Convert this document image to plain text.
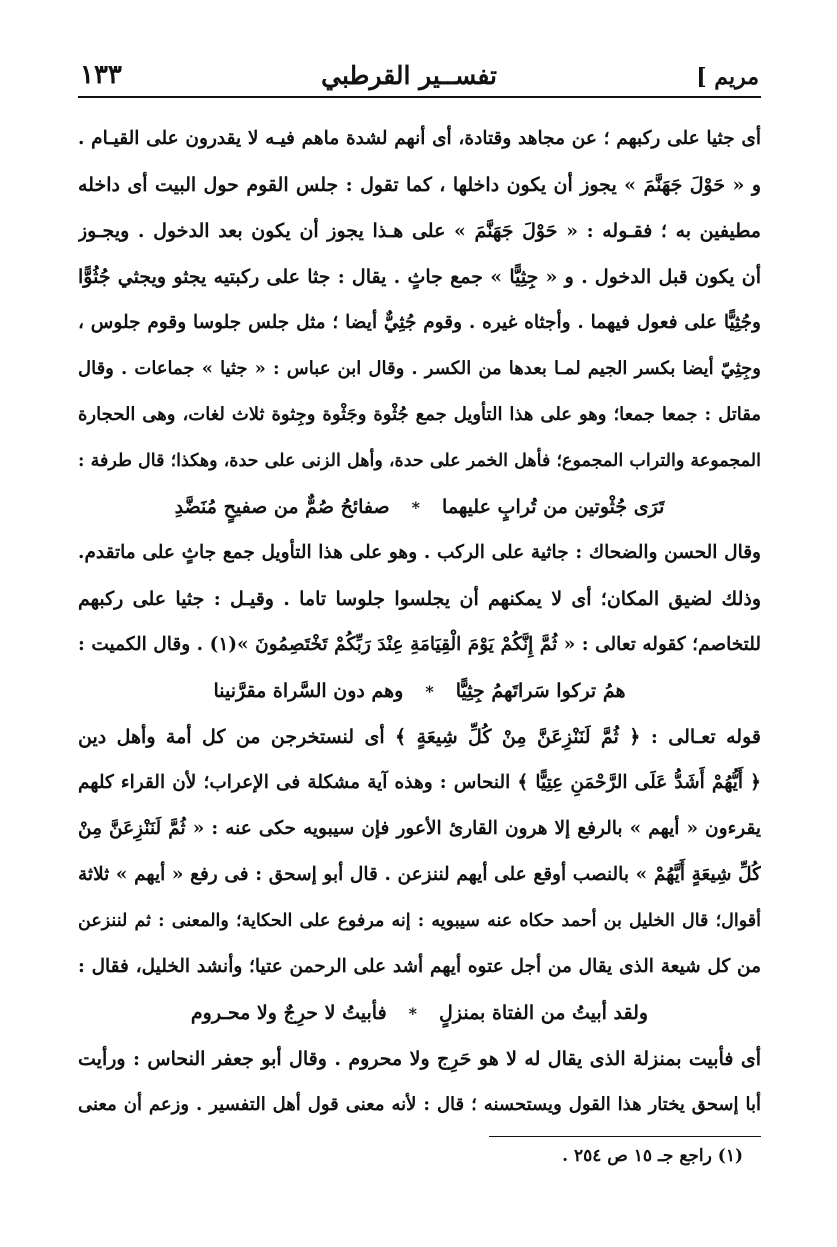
مريم ]
تفســير القرطبي
١٣٣
أى جثيا على ركبهم ؛ عن مجاهد وقتادة، أى أنهم لشدة ماهم فيـه لا يقدرون على القيـام .
و « حَوْلَ جَهَنَّمَ » يجوز أن يكون داخلها ، كما تقول : جلس القوم حول البيت أى داخله
مطيفين به ؛ فقـوله : « حَوْلَ جَهَنَّمَ » على هـذا يجوز أن يكون بعد الدخول . ويجـوز
أن يكون قبل الدخول . و « جِثِيًّا » جمع جاثٍ . يقال : جثا على ركبتيه يجثو ويجثي جُثُوًّا
وجُثِيًّا على فعول فيهما . وأجثاه غيره . وقوم جُثِيٌّ أيضا ؛ مثل جلس جلوسا وقوم جلوس ،
وجِثِيّ أيضا بكسر الجيم لمـا بعدها من الكسر . وقال ابن عباس : « جثيا » جماعات . وقال
مقاتل : جمعا جمعا؛ وهو على هذا التأويل جمع جُثْوة وجَثْوة وجِثوة ثلاث لغات، وهى الحجارة
المجموعة والتراب المجموع؛ فأهل الخمر على حدة، وأهل الزنى على حدة، وهكذا؛ قال طرفة :
تَرَى جُثْوتين من تُرابٍ عليهما*صفائحُ صُمٌّ من صفيحٍ مُنَضَّدِ
وقال الحسن والضحاك : جاثية على الركب . وهو على هذا التأويل جمع جاثٍ على ماتقدم.
وذلك لضيق المكان؛ أى لا يمكنهم أن يجلسوا جلوسا تاما . وقيـل : جثيا على ركبهم
للتخاصم؛ كقوله تعالى : « ثُمَّ إِنَّكُمْ يَوْمَ الْقِيَامَةِ عِنْدَ رَبِّكُمْ تَخْتَصِمُونَ »(١) . وقال الكميت :
همُ تركوا سَراتَهمُ جِثِيًّا*وهم دون السَّراة مقرَّنينا
قوله تعـالى : ﴿ ثُمَّ لَنَنْزِعَنَّ مِنْ كُلِّ شِيعَةٍ ﴾ أى لنستخرجن من كل أمة وأهل دين
﴿ أَيُّهُمْ أَشَدُّ عَلَى الرَّحْمَنِ عِتِيًّا ﴾ النحاس : وهذه آية مشكلة فى الإعراب؛ لأن القراء كلهم
يقرءون « أيهم » بالرفع إلا هرون القارئ الأعور فإن سيبويه حكى عنه : « ثُمَّ لَنَنْزِعَنَّ مِنْ
كُلِّ شِيعَةٍ أَيَّهُمْ » بالنصب أوقع على أيهم لننزعن . قال أبو إسحق : فى رفع « أيهم » ثلاثة
أقوال؛ قال الخليل بن أحمد حكاه عنه سيبويه : إنه مرفوع على الحكاية؛ والمعنى : ثم لننزعن
من كل شيعة الذى يقال من أجل عتوه أيهم أشد على الرحمن عتيا؛ وأنشد الخليل، فقال :
ولقد أبيتُ من الفتاة بمنزلٍ*فأبيتُ لا حرِجٌ ولا محـروم
أى فأبيت بمنزلة الذى يقال له لا هو حَرِج ولا محروم . وقال أبو جعفر النحاس : ورأيت
أبا إسحق يختار هذا القول ويستحسنه ؛ قال : لأنه معنى قول أهل التفسير . وزعم أن معنى
(١) راجع جـ ١٥ ص ٢٥٤ .
